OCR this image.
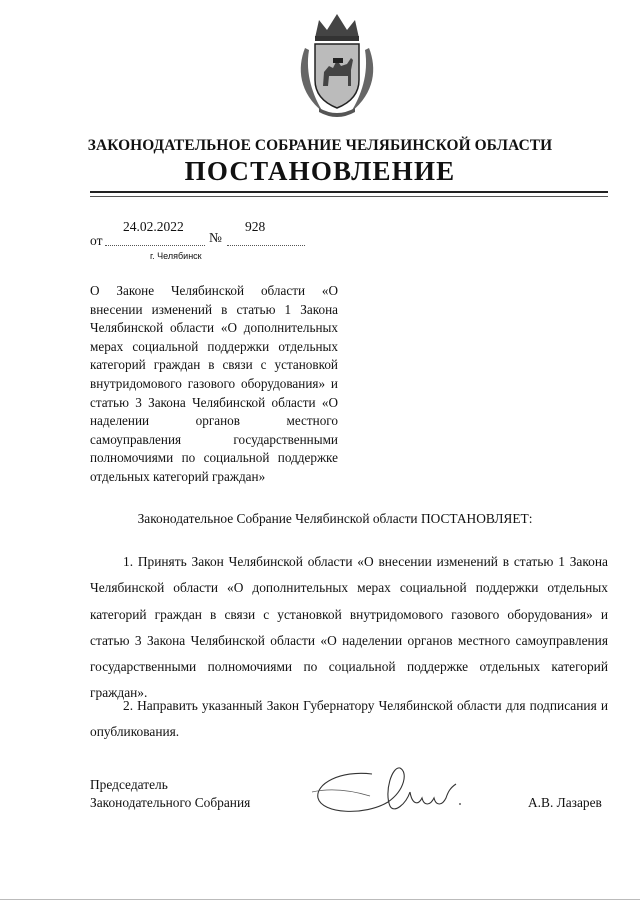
ЗАКОНОДАТЕЛЬНОЕ СОБРАНИЕ ЧЕЛЯБИНСКОЙ ОБЛАСТИ
ПОСТАНОВЛЕНИЕ
24.02.2022	928
от	№
г. Челябинск
О Законе Челябинской области «О внесении изменений в статью 1 Закона Челябинской области «О дополнительных мерах социальной поддержки отдельных категорий граждан в связи с установкой внутридомового газового оборудования» и статью 3 Закона Челябинской области «О наделении органов местного самоуправления государственными полномочиями по социальной поддержке отдельных категорий граждан»
Законодательное Собрание Челябинской области ПОСТАНОВЛЯЕТ:

1. Принять Закон Челябинской области «О внесении изменений в статью 1 Закона Челябинской области «О дополнительных мерах социальной поддержки отдельных категорий граждан в связи с установкой внутридомового газового оборудования» и статью 3 Закона Челябинской области «О наделении органов местного самоуправления государственными полномочиями по социальной поддержке отдельных категорий граждан».

2. Направить указанный Закон Губернатору Челябинской области для подписания и опубликования.

Председатель
Законодательного Собрания	А.В. Лазарев
